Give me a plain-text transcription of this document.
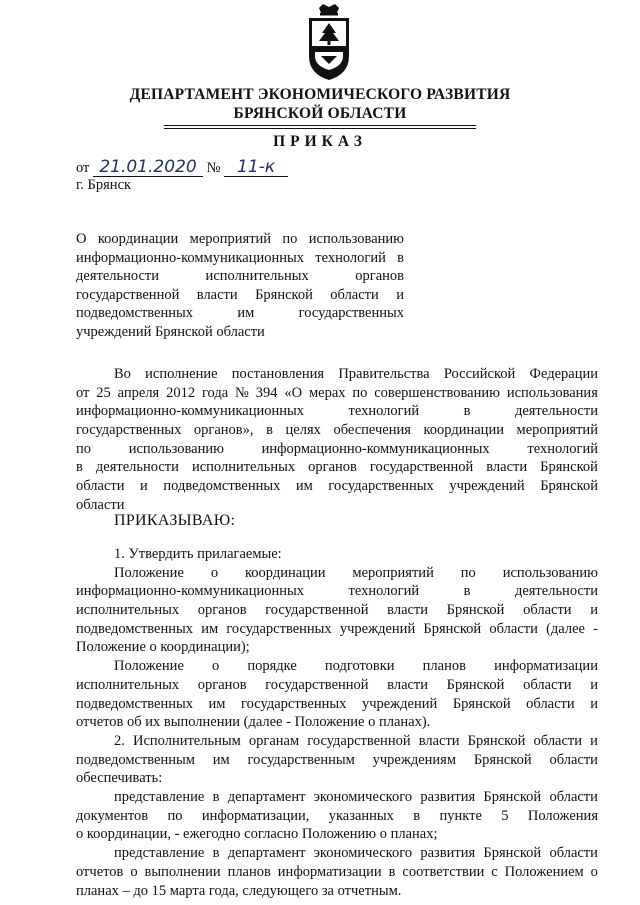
ДЕПАРТАМЕНТ ЭКОНОМИЧЕСКОГО РАЗВИТИЯ
БРЯНСКОЙ ОБЛАСТИ
ПРИКАЗ
от 21.01.2020 № 11-к
г. Брянск
О координации мероприятий по использованию
информационно-коммуникационных технологий в
деятельности исполнительных органов
государственной власти Брянской области и
подведомственных им государственных
учреждений Брянской области
Во исполнение постановления Правительства Российской Федерации
от 25 апреля 2012 года № 394 «О мерах по совершенствованию использования
информационно-коммуникационных	технологий	в	деятельности
государственных органов», в целях обеспечения координации мероприятий
по	использованию	информационно-коммуникационных	технологий
в деятельности исполнительных органов государственной власти Брянской
области и подведомственных им государственных учреждений Брянской
области
ПРИКАЗЫВАЮ:
1. Утвердить прилагаемые:
Положение о координации мероприятий по использованию
информационно-коммуникационных	технологий	в	деятельности
исполнительных органов государственной власти Брянской области и
подведомственных им государственных учреждений Брянской области (далее -
Положение о координации);
Положение о порядке подготовки планов информатизации
исполнительных органов государственной власти Брянской области и
подведомственных им государственных учреждений Брянской области и
отчетов об их выполнении (далее - Положение о планах).
2. Исполнительным органам государственной власти Брянской области и
подведомственным им государственным учреждениям Брянской области
обеспечивать:
представление в департамент экономического развития Брянской области
документов по информатизации, указанных в пункте 5 Положения
о координации, - ежегодно согласно Положению о планах;
представление в департамент экономического развития Брянской области
отчетов о выполнении планов информатизации в соответствии с Положением о
планах – до 15 марта года, следующего за отчетным.
